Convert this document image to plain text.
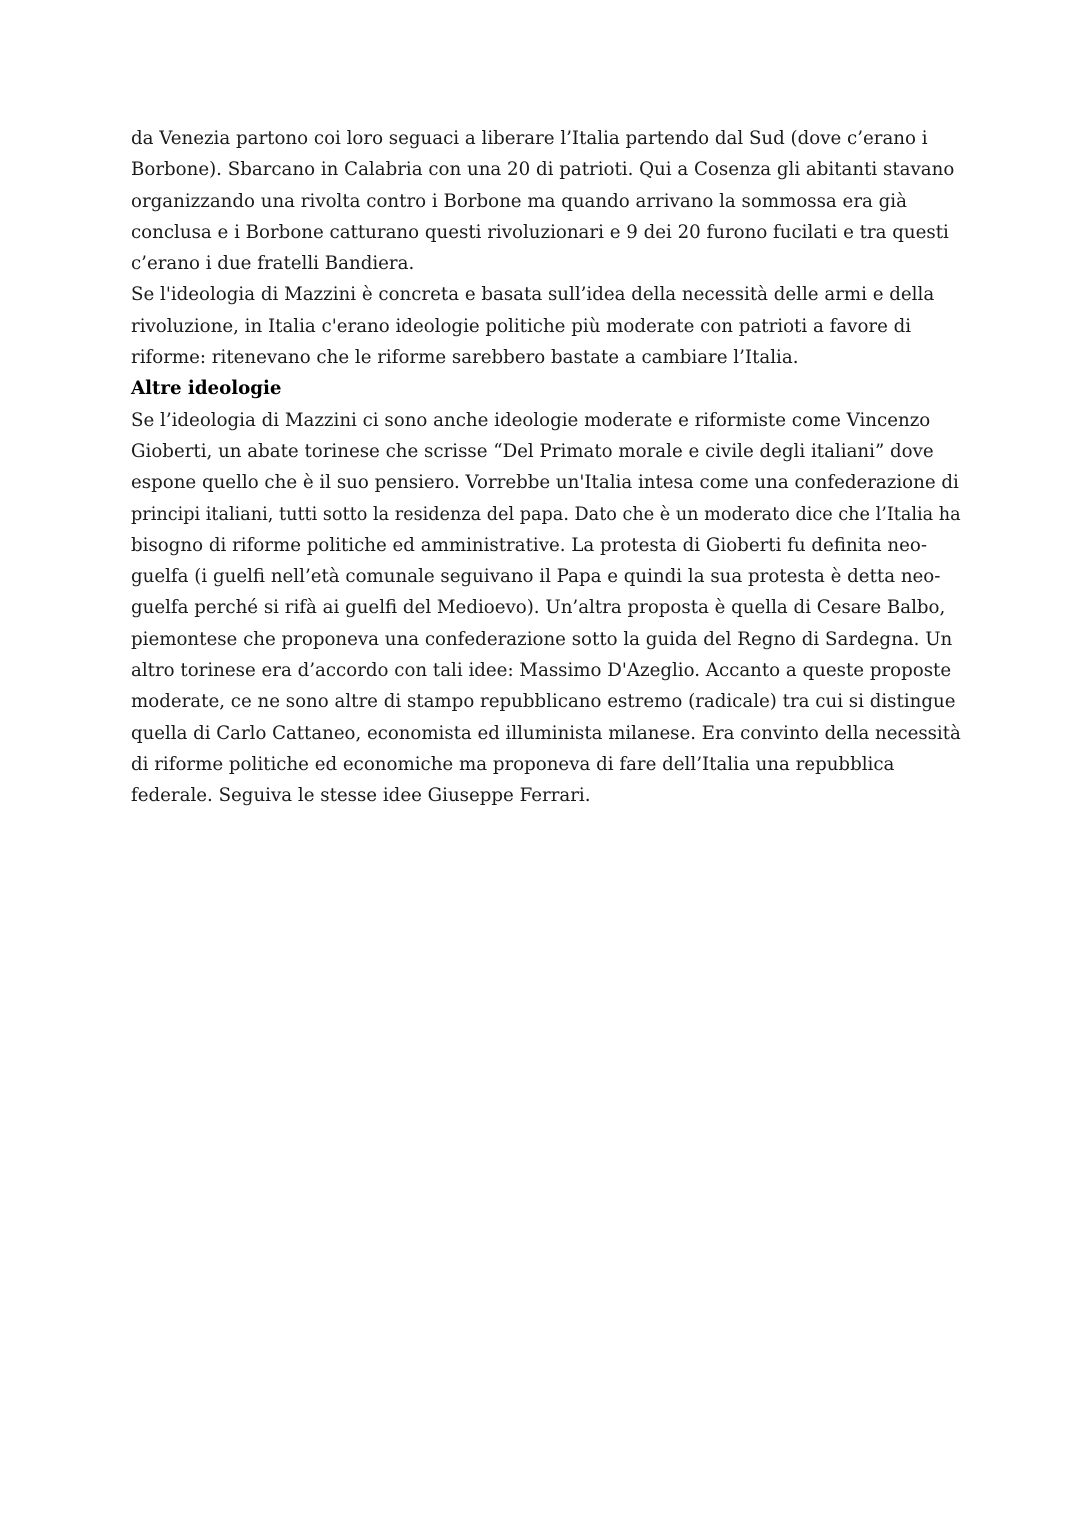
da Venezia partono coi loro seguaci a liberare l’Italia partendo dal Sud (dove c’erano i
Borbone). Sbarcano in Calabria con una 20 di patrioti. Qui a Cosenza gli abitanti stavano
organizzando una rivolta contro i Borbone ma quando arrivano la sommossa era già
conclusa e i Borbone catturano questi rivoluzionari e 9 dei 20 furono fucilati e tra questi
c’erano i due fratelli Bandiera.
Se l'ideologia di Mazzini è concreta e basata sull’idea della necessità delle armi e della
rivoluzione, in Italia c'erano ideologie politiche più moderate con patrioti a favore di
riforme: ritenevano che le riforme sarebbero bastate a cambiare l’Italia.
Altre ideologie
Se l’ideologia di Mazzini ci sono anche ideologie moderate e riformiste come Vincenzo
Gioberti, un abate torinese che scrisse “Del Primato morale e civile degli italiani” dove
espone quello che è il suo pensiero. Vorrebbe un'Italia intesa come una confederazione di
principi italiani, tutti sotto la residenza del papa. Dato che è un moderato dice che l’Italia ha
bisogno di riforme politiche ed amministrative. La protesta di Gioberti fu definita neo-
guelfa (i guelfi nell’età comunale seguivano il Papa e quindi la sua protesta è detta neo-
guelfa perché si rifà ai guelfi del Medioevo). Un’altra proposta è quella di Cesare Balbo,
piemontese che proponeva una confederazione sotto la guida del Regno di Sardegna. Un
altro torinese era d’accordo con tali idee: Massimo D'Azeglio. Accanto a queste proposte
moderate, ce ne sono altre di stampo repubblicano estremo (radicale) tra cui si distingue
quella di Carlo Cattaneo, economista ed illuminista milanese. Era convinto della necessità
di riforme politiche ed economiche ma proponeva di fare dell’Italia una repubblica
federale. Seguiva le stesse idee Giuseppe Ferrari.
